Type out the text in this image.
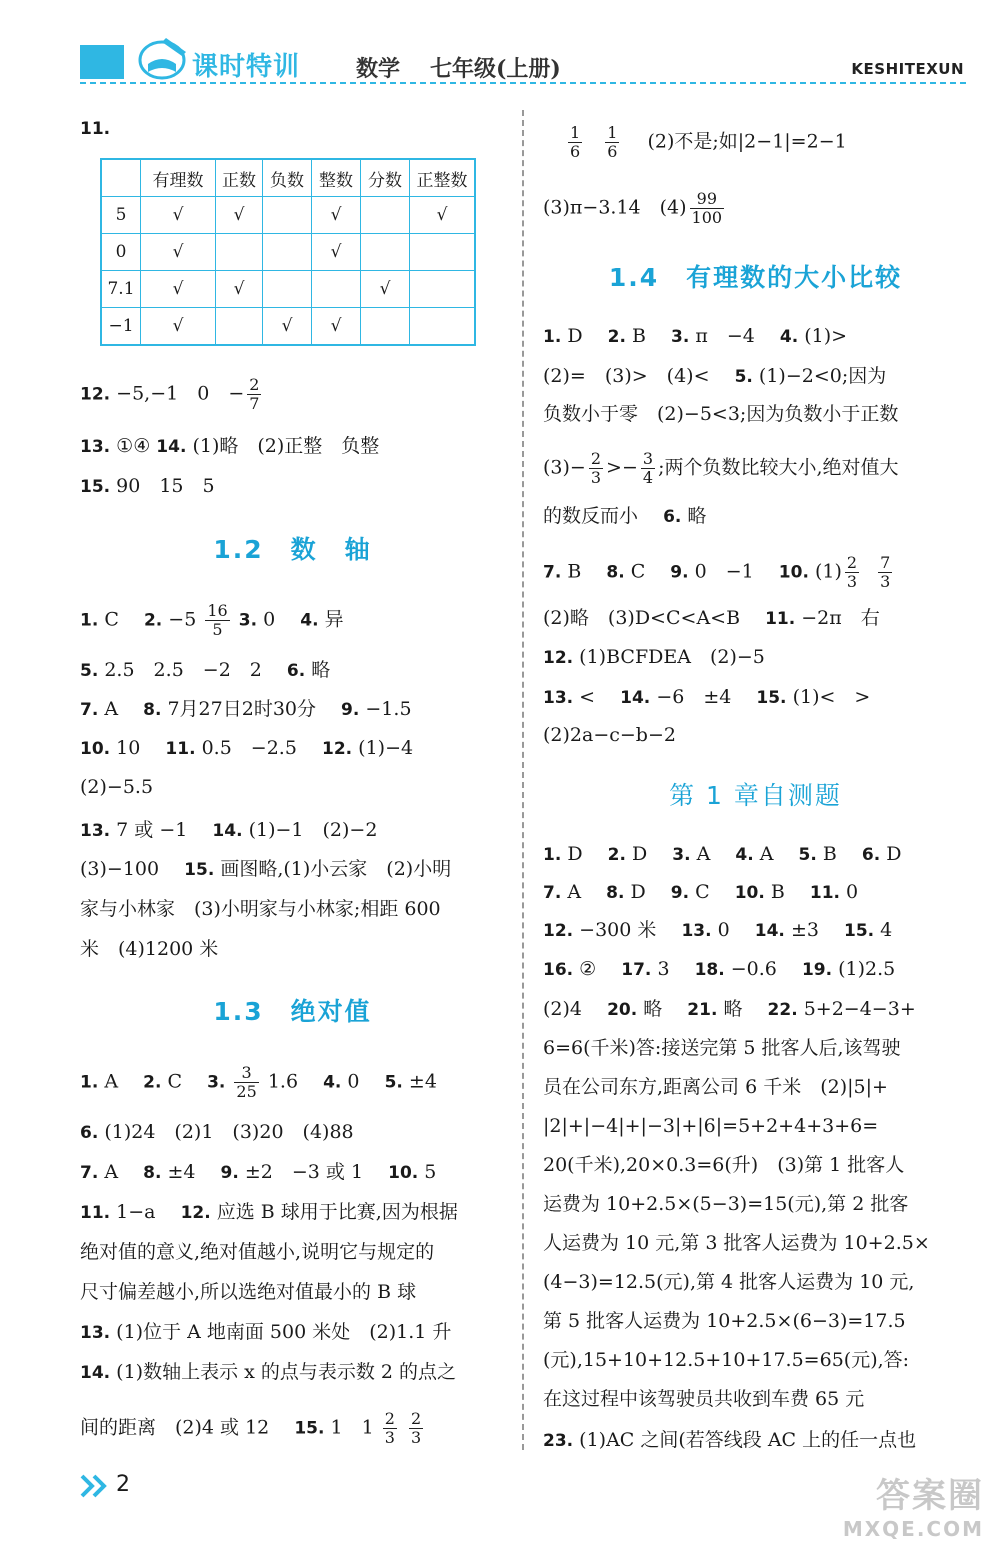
课时特训	数学 七年级(上册)	KESHITEXUN
11.
	有理数	正数	负数	整数	分数	正整数
5	√	√		√		√
0	√			√		
7.1	√	√			√	
−1	√		√	√		
12. −5,−1　0　− $\frac{2}{7}$
13. ①④ 14. (1)略　(2)正整　负整
15. 90　15　5
1.2　数　轴
1. C　 2. $-5 \frac{16}{5} 3$. 0　 4. 异
5. 2.5　2.5　−2　2　 6. 略
7. A　 8. 7月27日2时30分　 9. −1.5
10. 10　 11. 0.5　−2.5　 12. (1)−4
(2)−5.5
13. 7 或 −1　 14. (1)−1　(2)−2
(3)−100　 15. 画图略,(1)小云家　(2)小明
家与小林家　(3)小明家与小林家;相距 600
米　(4)1200 米
1.3　绝对值
1. A　 2. C　 3. $\frac{3}{25} 1.6$　 4. 0　 5. ±4
6. (1)24　(2)1　(3)20　(4)88
7. A　 8. ±4　 9. ±2　−3 或 1　 10. 5
11. 1−a　 12. 应选 B 球用于比赛,因为根据
绝对值的意义,绝对值越小,说明它与规定的
尺寸偏差越小,所以选绝对值最小的 B 球
13. (1)位于 A 地南面 500 米处　(2)1.1 升
14. (1)数轴上表示 x 的点与表示数 2 的点之
间的距离　(2)4 或 12　 15. 1　$1 \frac{2}{3}$
$\frac{2}{3}$
$\frac{1}{6}$
$\frac{1}{6}$
　 (2)不是;如|2−1|=2−1
(3)π−3.14　$(4) \frac{99}{100}$
1.4　有理数的大小比较
1. D　 2. B　 3. π　−4　 4. (1)>
(2)=　(3)>　(4)<　 5. (1)−2<0;因为
负数小于零　(2)−5<3;因为负数小于正数
$(3)- \frac{2}{3} >- \frac{3}{4}$ ;两个负数比较大小,绝对值大
的数反而小　 6. 略
7. B　 8. C　 9. 0　−1　 10. $(1) \frac{2}{3}$
$\frac{7}{3}$
(2)略　(3)D<C<A<B　 11. −2π　右
12. (1)BCFDEA　(2)−5
13. <　 14. −6　±4　 15. (1)<　>
(2)2a−c−b−2
第 1 章自测题
1. D　 2. D　 3. A　 4. A　 5. B　 6. D
7. A　 8. D　 9. C　 10. B　 11. 0
12. −300 米　 13. 0　 14. ±3　 15. 4
16. ②　 17. 3　 18. −0.6　 19. (1)2.5
(2)4　 20. 略　 21. 略　 22. 5+2−4−3+
6=6(千米)答:接送完第 5 批客人后,该驾驶
员在公司东方,距离公司 6 千米　(2)|5|+
|2|+|−4|+|−3|+|6|=5+2+4+3+6=
20(千米),20×0.3=6(升)　(3)第 1 批客人
运费为 10+2.5×(5−3)=15(元),第 2 批客
人运费为 10 元,第 3 批客人运费为 10+2.5×
(4−3)=12.5(元),第 4 批客人运费为 10 元,
第 5 批客人运费为 10+2.5×(6−3)=17.5
(元),15+10+12.5+10+17.5=65(元),答:
在这过程中该驾驶员共收到车费 65 元
23. (1)AC 之间(若答线段 AC 上的任一点也
2	答案圈
MXQE.COM
